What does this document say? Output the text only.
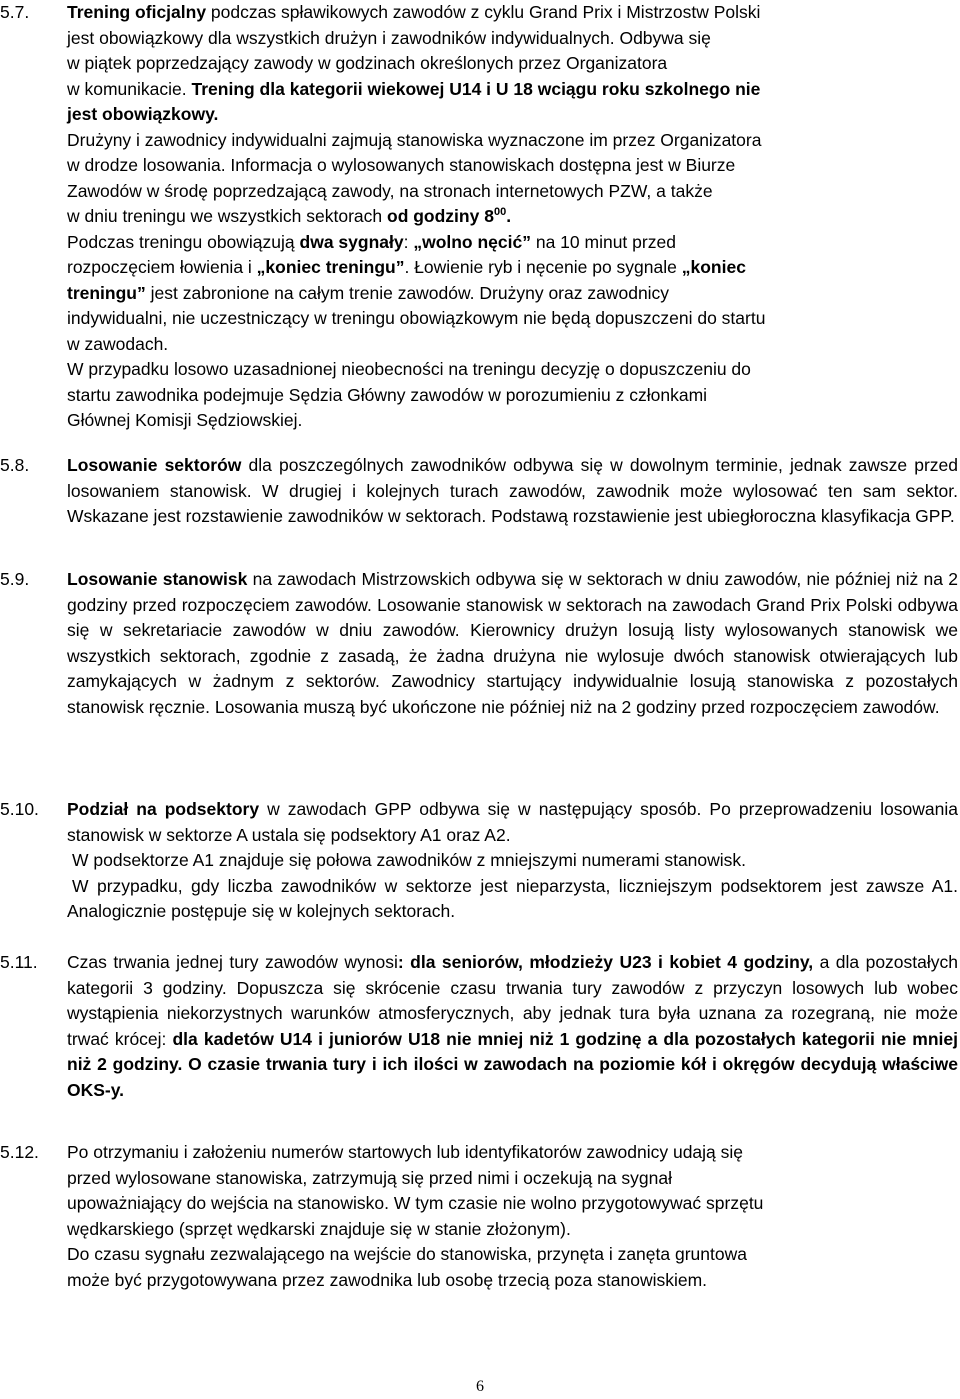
5.7.	Trening oficjalny podczas spławikowych zawodów z cyklu Grand Prix i Mistrzostw Polski

jest obowiązkowy dla wszystkich drużyn i zawodników indywidualnych. Odbywa się

w piątek poprzedzający zawody w godzinach określonych przez Organizatora

w komunikacie. Trening dla kategorii wiekowej U14 i U 18 wciągu roku szkolnego nie

jest obowiązkowy.

Drużyny i zawodnicy indywidualni zajmują stanowiska wyznaczone im przez Organizatora

w drodze losowania. Informacja o wylosowanych stanowiskach dostępna jest w Biurze

Zawodów w środę poprzedzającą zawody, na stronach internetowych PZW, a także

w dniu treningu we wszystkich sektorach od godziny $8^{00}$.

Podczas treningu obowiązują dwa sygnały: „wolno nęcić” na 10 minut przed

rozpoczęciem łowienia i „koniec treningu”. Łowienie ryb i nęcenie po sygnale „koniec

treningu” jest zabronione na całym trenie zawodów. Drużyny oraz zawodnicy

indywidualni, nie uczestniczący w treningu obowiązkowym nie będą dopuszczeni do startu

w zawodach.

W przypadku losowo uzasadnionej nieobecności na treningu decyzję o dopuszczeniu do

startu zawodnika podejmuje Sędzia Główny zawodów w porozumieniu z członkami

Głównej Komisji Sędziowskiej.

5.8.	Losowanie sektorów dla poszczególnych zawodników odbywa się w dowolnym terminie, jednak zawsze przed losowaniem stanowisk. W drugiej i kolejnych turach zawodów, zawodnik może wylosować ten sam sektor. Wskazane jest rozstawienie zawodników w sektorach. Podstawą rozstawienie jest ubiegłoroczna klasyfikacja GPP.

5.9.	Losowanie stanowisk na zawodach Mistrzowskich odbywa się w sektorach w dniu zawodów, nie później niż na 2 godziny przed rozpoczęciem zawodów. Losowanie stanowisk w sektorach na zawodach Grand Prix Polski odbywa się w sekretariacie zawodów w dniu zawodów. Kierownicy drużyn losują listy wylosowanych stanowisk we wszystkich sektorach, zgodnie z zasadą, że żadna drużyna nie wylosuje dwóch stanowisk otwierających lub zamykających w żadnym z sektorów. Zawodnicy startujący indywidualnie losują stanowiska z pozostałych stanowisk ręcznie. Losowania muszą być ukończone nie później niż na 2 godziny przed rozpoczęciem zawodów.

5.10.	Podział na podsektory w zawodach GPP odbywa się w następujący sposób. Po przeprowadzeniu losowania stanowisk w sektorze A ustala się podsektory A1 oraz A2.

W podsektorze A1 znajduje się połowa zawodników z mniejszymi numerami stanowisk.

W przypadku, gdy liczba zawodników w sektorze jest nieparzysta, liczniejszym podsektorem jest zawsze A1. Analogicznie postępuje się w kolejnych sektorach.

5.11.	Czas trwania jednej tury zawodów wynosi: dla seniorów, młodzieży U23 i kobiet 4 godziny, a dla pozostałych kategorii 3 godziny. Dopuszcza się skrócenie czasu trwania tury zawodów z przyczyn losowych lub wobec wystąpienia niekorzystnych warunków atmosferycznych, aby jednak tura była uznana za rozegraną, nie może trwać krócej: dla kadetów U14 i juniorów U18 nie mniej niż 1 godzinę a dla pozostałych kategorii nie mniej niż 2 godziny. O czasie trwania tury i ich ilości w zawodach na poziomie kół i okręgów decydują właściwe OKS-y.

5.12.	Po otrzymaniu i założeniu numerów startowych lub identyfikatorów zawodnicy udają się

przed wylosowane stanowiska, zatrzymują się przed nimi i oczekują na sygnał

upoważniający do wejścia na stanowisko. W tym czasie nie wolno przygotowywać sprzętu

wędkarskiego (sprzęt wędkarski znajduje się w stanie złożonym).

Do czasu sygnału zezwalającego na wejście do stanowiska, przynęta i zanęta gruntowa

może być przygotowywana przez zawodnika lub osobę trzecią poza stanowiskiem.

6
